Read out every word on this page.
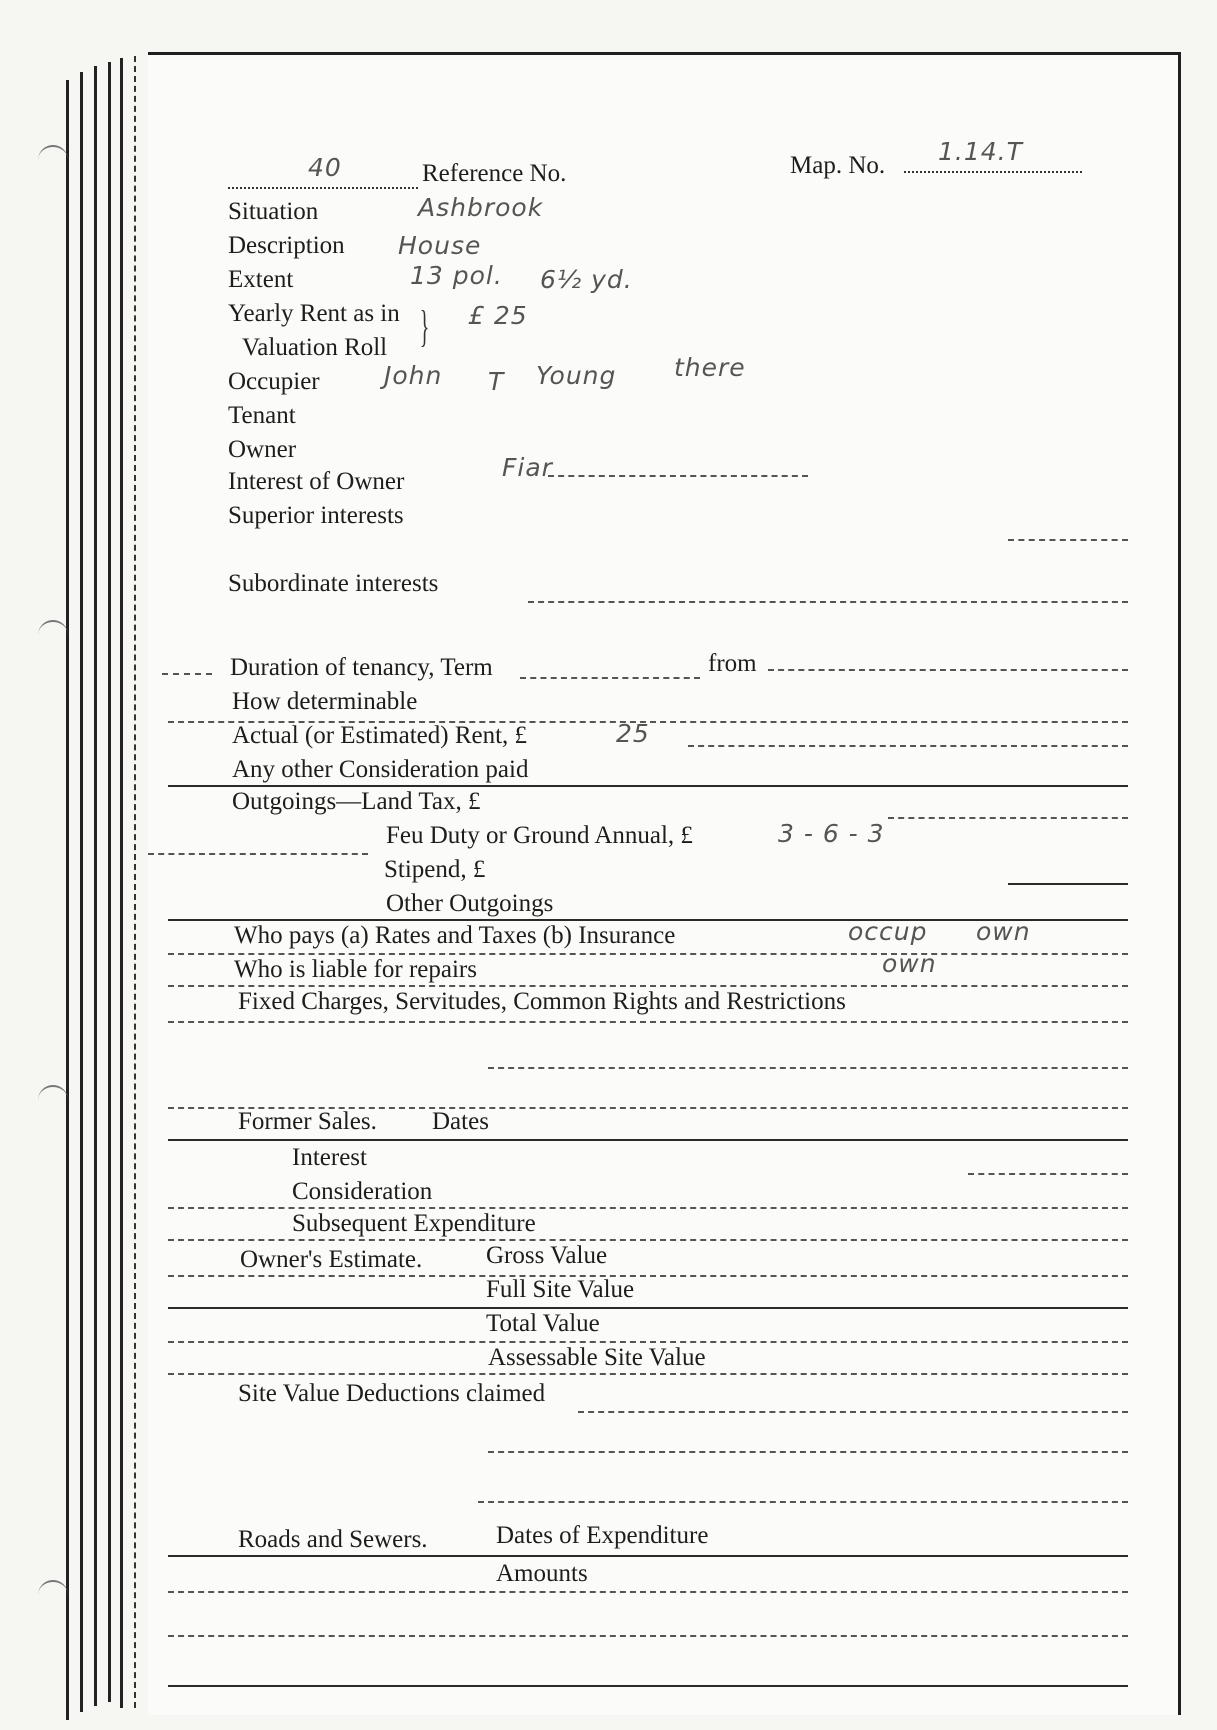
40	Reference No.	Map. No. 1.14.T
Situation	Ashbrook
Description House
Extent	13 pol. 6½ yd.
Yearly Rent as in
Valuation Roll } £ 25
Occupier	John T Young there
Tenant
Owner
Interest of Owner	Fiar
Superior interests
Subordinate interests
Duration of tenancy, Term	from
How determinable
Actual (or Estimated) Rent, £	25
Any other Consideration paid
Outgoings—Land Tax, £
Feu Duty or Ground Annual, £	3 - 6 - 3
Stipend, £
Other Outgoings
Who pays (a) Rates and Taxes (b) Insurance	occup own
Who is liable for repairs	own
Fixed Charges, Servitudes, Common Rights and Restrictions
Former Sales. Dates
Interest
Consideration
Subsequent Expenditure
Owner's Estimate.	Gross Value
Full Site Value
Total Value
Assessable Site Value
Site Value Deductions claimed
Roads and Sewers.	Dates of Expenditure
Amounts
